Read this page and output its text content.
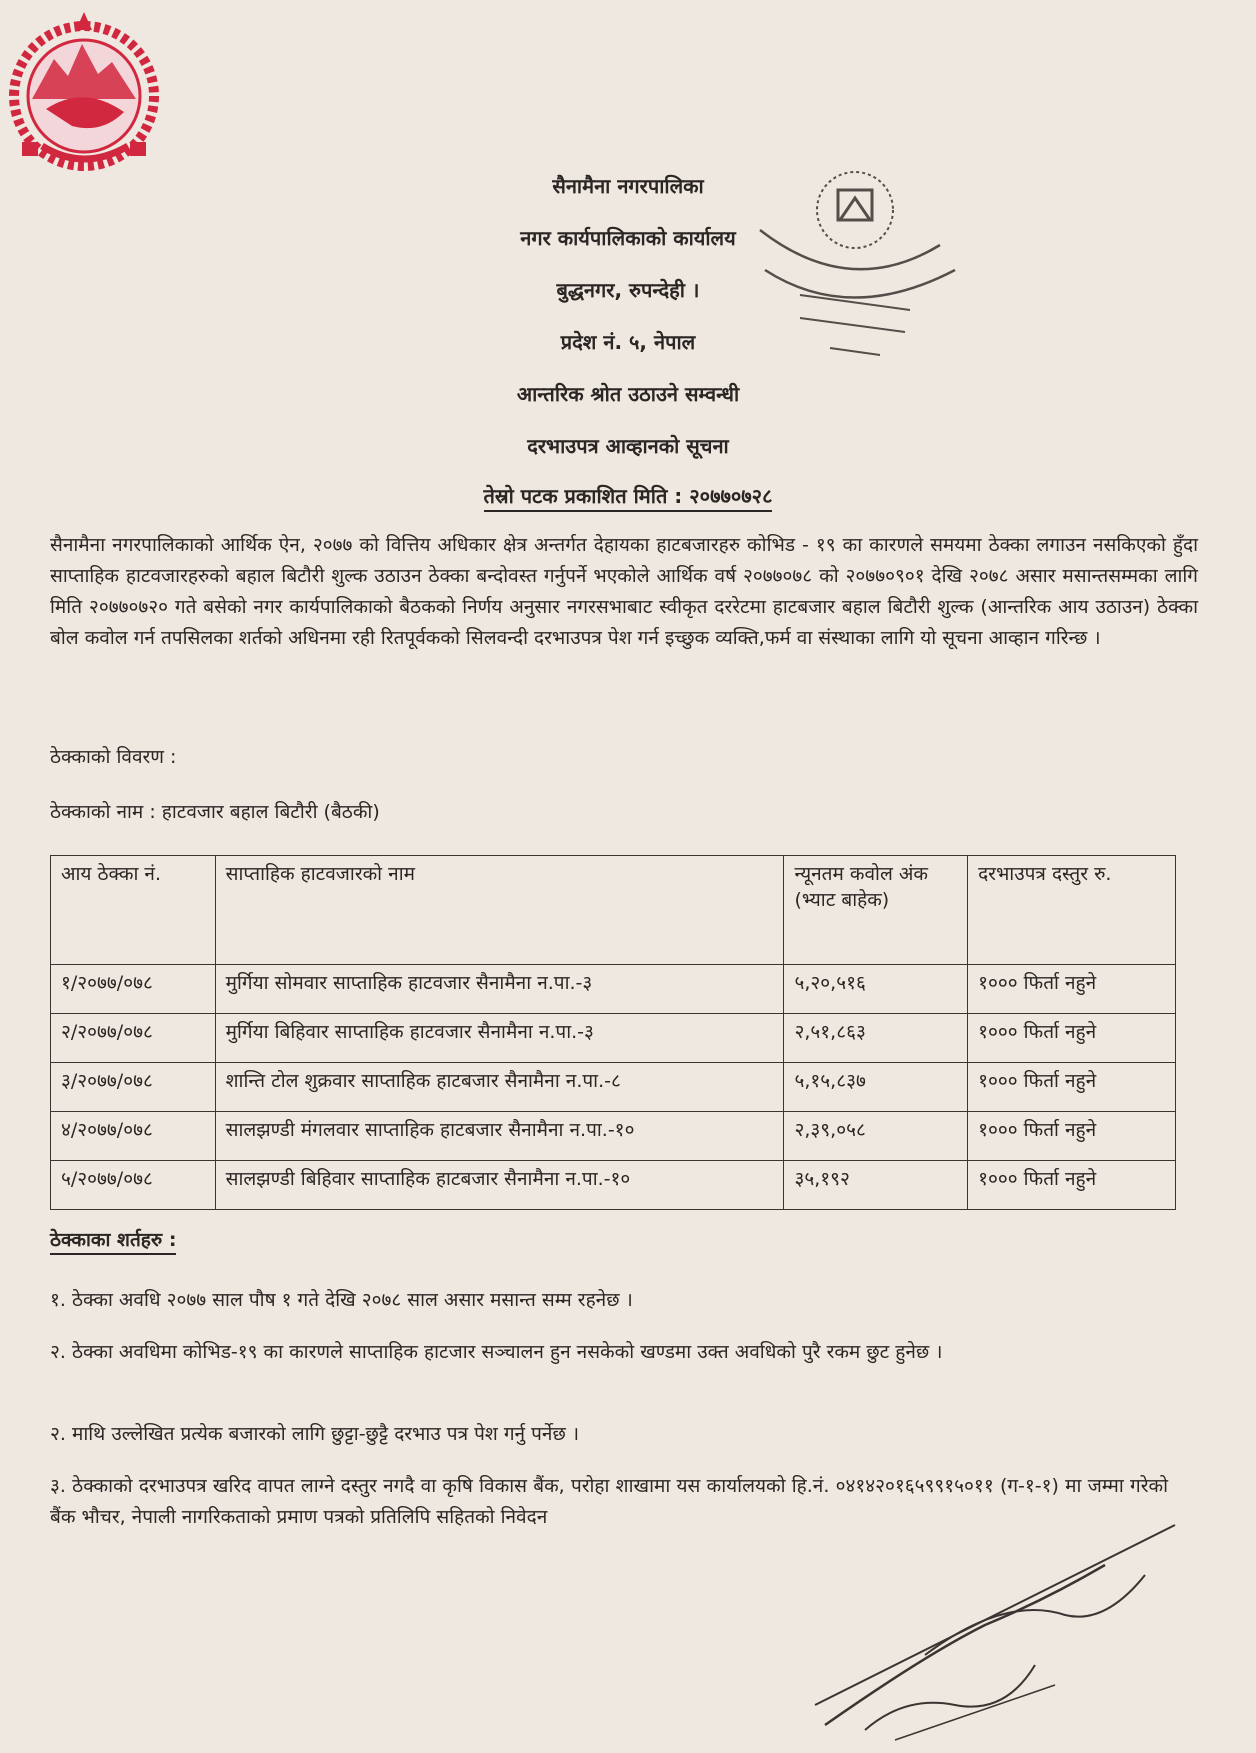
सैनामैना नगरपालिका
नगर कार्यपालिकाको कार्यालय
बुद्धनगर, रुपन्देही ।
प्रदेश नं. ५, नेपाल
आन्तरिक श्रोत उठाउने सम्वन्धी
दरभाउपत्र आव्हानको सूचना
तेस्रो पटक प्रकाशित मिति : २०७७०७२८

सैनामैना नगरपालिकाको आर्थिक ऐन, २०७७ को वित्तिय अधिकार क्षेत्र अन्तर्गत देहायका हाटबजारहरु कोभिड - १९ का कारणले समयमा ठेक्का लगाउन नसकिएको हुँदा साप्ताहिक हाटवजारहरुको बहाल बिटौरी शुल्क उठाउन ठेक्का बन्दोवस्त गर्नुपर्ने भएकोले आर्थिक वर्ष २०७७०७८ को २०७७०९०१ देखि २०७८ असार मसान्तसम्मका लागि मिति २०७७०७२० गते बसेको नगर कार्यपालिकाको बैठकको निर्णय अनुसार नगरसभाबाट स्वीकृत दररेटमा हाटबजार बहाल बिटौरी शुल्क (आन्तरिक आय उठाउन) ठेक्का बोल कवोल गर्न तपसिलका शर्तको अधिनमा रही रितपूर्वकको सिलवन्दी दरभाउपत्र पेश गर्न इच्छुक व्यक्ति,फर्म वा संस्थाका लागि यो सूचना आव्हान गरिन्छ ।

ठेक्काको विवरण :

ठेक्काको नाम : हाटवजार बहाल बिटौरी (बैठकी)

आय ठेक्का नं.	साप्ताहिक हाटवजारको नाम	न्यूनतम कवोल अंक (भ्याट बाहेक)	दरभाउपत्र दस्तुर रु.
१/२०७७/०७८	मुर्गिया सोमवार साप्ताहिक हाटवजार सैनामैना न.पा.-३	५,२०,५१६	१००० फिर्ता नहुने
२/२०७७/०७८	मुर्गिया बिहिवार साप्ताहिक हाटवजार सैनामैना न.पा.-३	२,५१,८६३	१००० फिर्ता नहुने
३/२०७७/०७८	शान्ति टोल शुक्रवार साप्ताहिक हाटबजार सैनामैना न.पा.-८	५,१५,८३७	१००० फिर्ता नहुने
४/२०७७/०७८	सालझण्डी मंगलवार साप्ताहिक हाटबजार सैनामैना न.पा.-१०	२,३९,०५८	१००० फिर्ता नहुने
५/२०७७/०७८	सालझण्डी बिहिवार साप्ताहिक हाटबजार सैनामैना न.पा.-१०	३५,१९२	१००० फिर्ता नहुने
ठेक्काका शर्तहरु :

१. ठेक्का अवधि २०७७ साल पौष १ गते देखि २०७८ साल असार मसान्त सम्म रहनेछ ।

२. ठेक्का अवधिमा कोभिड-१९ का कारणले साप्ताहिक हाटजार सञ्चालन हुन नसकेको खण्डमा उक्त अवधिको पुरै रकम छुट हुनेछ ।

२. माथि उल्लेखित प्रत्येक बजारको लागि छुट्टा-छुट्टै दरभाउ पत्र पेश गर्नु पर्नेछ ।

३. ठेक्काको दरभाउपत्र खरिद वापत लाग्ने दस्तुर नगदै वा कृषि विकास बैंक, परोहा शाखामा यस कार्यालयको हि.नं. ०४१४२०१६५९९१५०११ (ग-१-१) मा जम्मा गरेको बैंक भौचर, नेपाली नागरिकताको प्रमाण पत्रको प्रतिलिपि सहितको निवेदन
